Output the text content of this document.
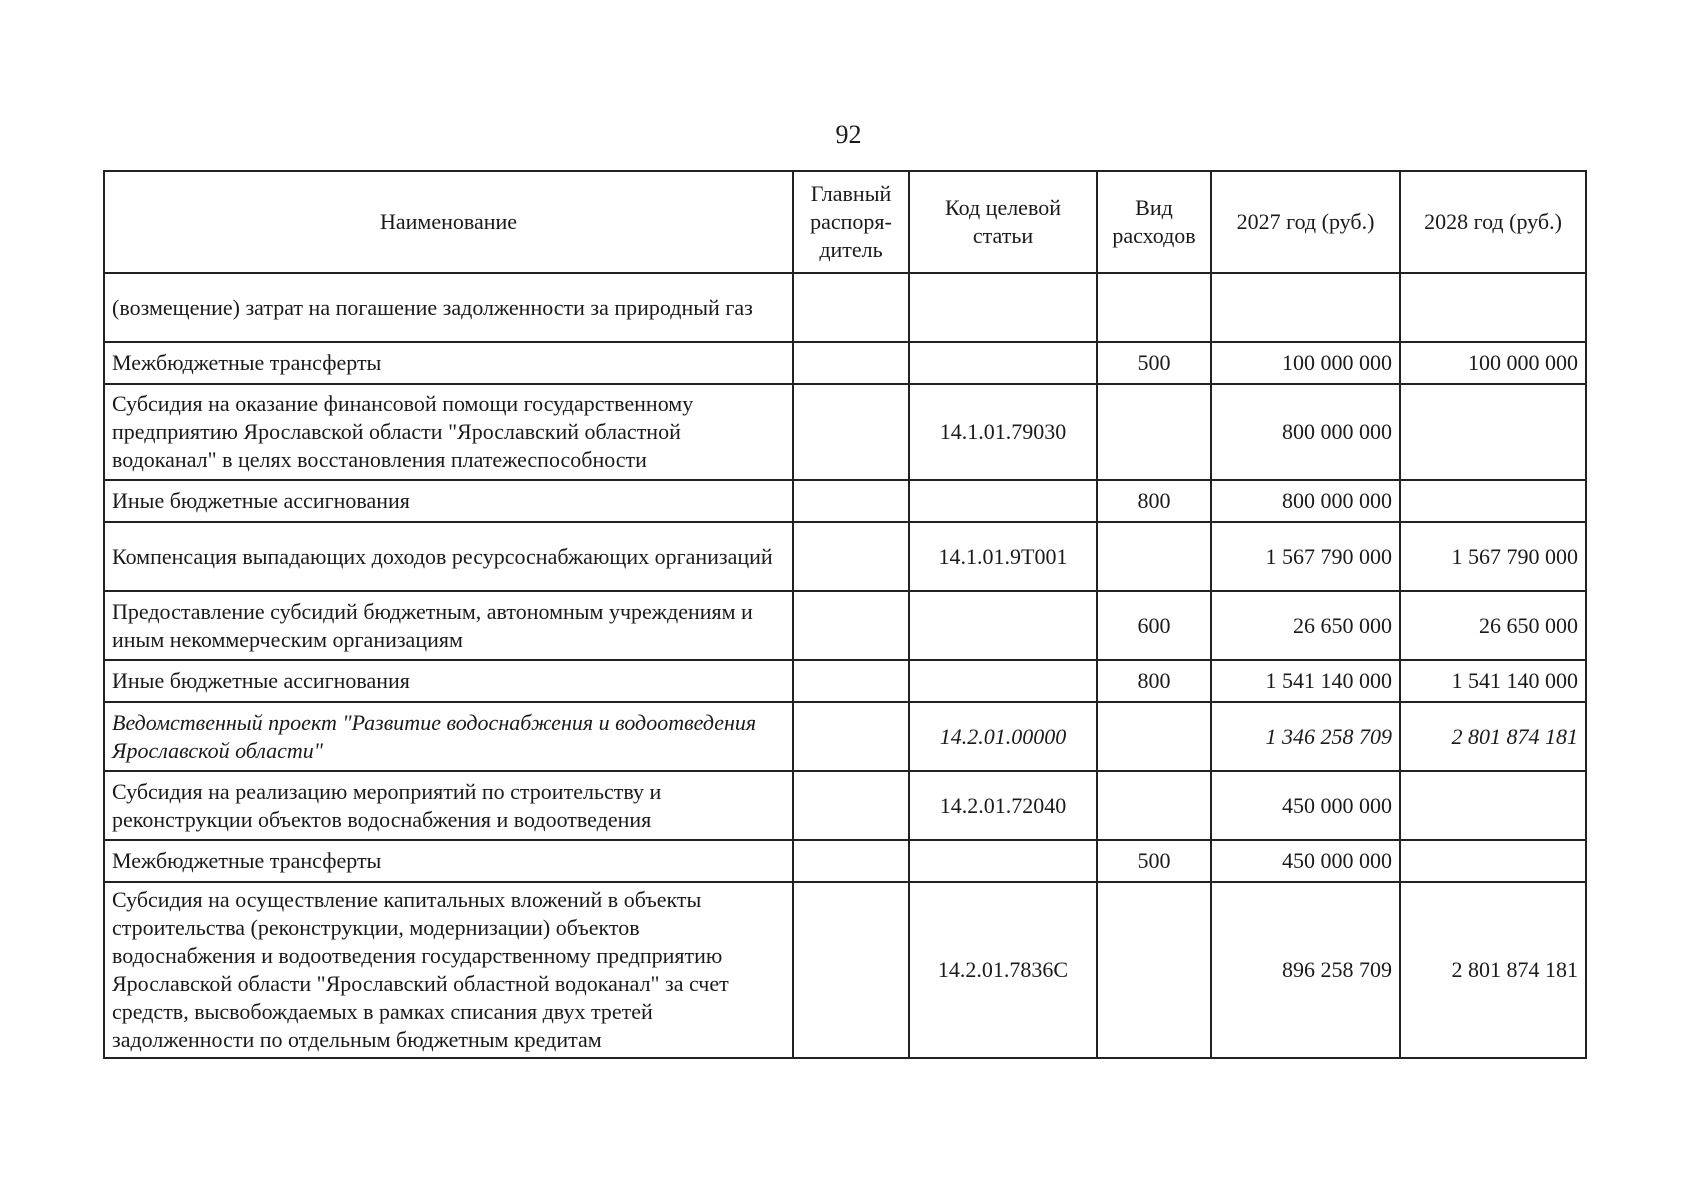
92
Наименование	Главный распоря-дитель	Код целевой статьи	Вид расходов	2027 год (руб.)	2028 год (руб.)
(возмещение) затрат на погашение задолженности за природный газ					
Межбюджетные трансферты			500	100 000 000	100 000 000
Субсидия на оказание финансовой помощи государственному предприятию Ярославской области "Ярославский областной водоканал" в целях восстановления платежеспособности		14.1.01.79030		800 000 000	
Иные бюджетные ассигнования			800	800 000 000	
Компенсация выпадающих доходов ресурсоснабжающих организаций		14.1.01.9Т001		1 567 790 000	1 567 790 000
Предоставление субсидий бюджетным, автономным учреждениям и иным некоммерческим организациям			600	26 650 000	26 650 000
Иные бюджетные ассигнования			800	1 541 140 000	1 541 140 000
Ведомственный проект "Развитие водоснабжения и водоотведения Ярославской области"		14.2.01.00000		1 346 258 709	2 801 874 181
Субсидия на реализацию мероприятий по строительству и реконструкции объектов водоснабжения и водоотведения		14.2.01.72040		450 000 000	
Межбюджетные трансферты			500	450 000 000	
Субсидия на осуществление капитальных вложений в объекты строительства (реконструкции, модернизации) объектов водоснабжения и водоотведения государственному предприятию Ярославской области "Ярославский областной водоканал" за счет средств, высвобождаемых в рамках списания двух третей задолженности по отдельным бюджетным кредитам		14.2.01.7836С		896 258 709	2 801 874 181
